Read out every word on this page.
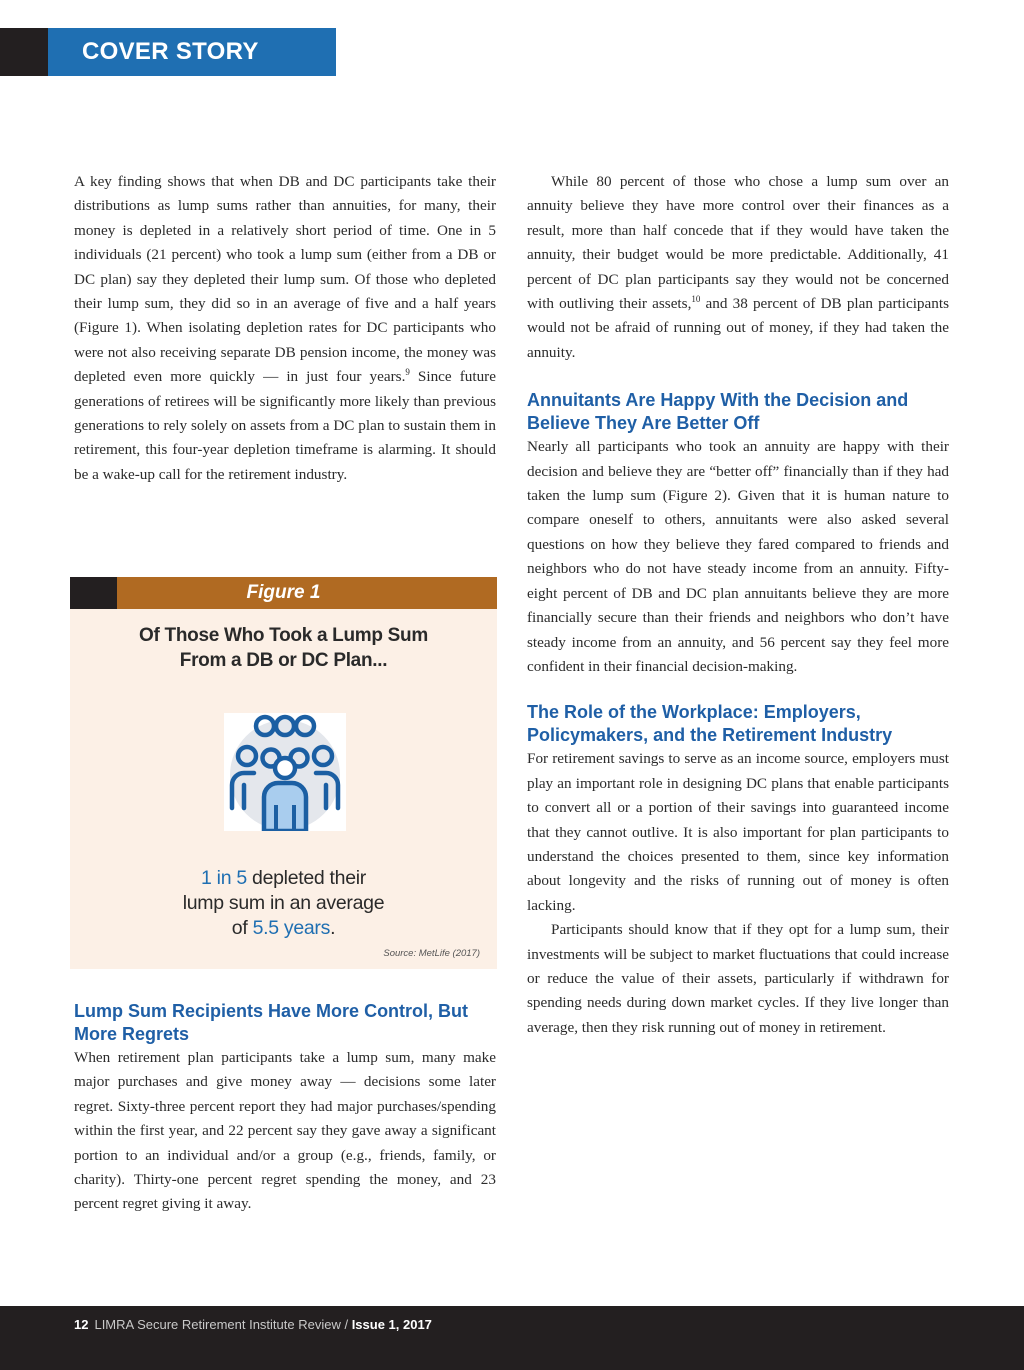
COVER STORY

A key finding shows that when DB and DC participants take their distributions as lump sums rather than annuities, for many, their money is depleted in a relatively short period of time. One in 5 individuals (21 percent) who took a lump sum (either from a DB or DC plan) say they depleted their lump sum. Of those who depleted their lump sum, they did so in an average of five and a half years (Figure 1). When isolating depletion rates for DC participants who were not also receiving separate DB pension income, the money was depleted even more quickly — in just four years.$^9$ Since future generations of retirees will be significantly more likely than previous generations to rely solely on assets from a DC plan to sustain them in retirement, this four-year depletion timeframe is alarming. It should be a wake-up call for the retirement industry.

Figure 1
Of Those Who Took a Lump Sum
From a DB or DC Plan...
1 in 5 depleted their
lump sum in an average
of 5.5 years.
Source: MetLife (2017)
Lump Sum Recipients Have More Control, But More Regrets

When retirement plan participants take a lump sum, many make major purchases and give money away — decisions some later regret. Sixty-three percent report they had major purchases/spending within the first year, and 22 percent say they gave away a significant portion to an individual and/or a group (e.g., friends, family, or charity). Thirty-one percent regret spending the money, and 23 percent regret giving it away.

While 80 percent of those who chose a lump sum over an annuity believe they have more control over their finances as a result, more than half concede that if they would have taken the annuity, their budget would be more predictable. Additionally, 41 percent of DC plan participants say they would not be concerned with outliving their assets,$^{10}$ and 38 percent of DB plan participants would not be afraid of running out of money, if they had taken the annuity.

Annuitants Are Happy With the Decision and Believe They Are Better Off

Nearly all participants who took an annuity are happy with their decision and believe they are “better off” financially than if they had taken the lump sum (Figure 2). Given that it is human nature to compare oneself to others, annuitants were also asked several questions on how they believe they fared compared to friends and neighbors who do not have steady income from an annuity. Fifty-eight percent of DB and DC plan annuitants believe they are more financially secure than their friends and neighbors who don’t have steady income from an annuity, and 56 percent say they feel more confident in their financial decision-making.

The Role of the Workplace: Employers, Policymakers, and the Retirement Industry

For retirement savings to serve as an income source, employers must play an important role in designing DC plans that enable participants to convert all or a portion of their savings into guaranteed income that they cannot outlive. It is also important for plan participants to understand the choices presented to them, since key information about longevity and the risks of running out of money is often lacking.

Participants should know that if they opt for a lump sum, their investments will be subject to market fluctuations that could increase or reduce the value of their assets, particularly if withdrawn for spending needs during down market cycles. If they live longer than average, then they risk running out of money in retirement.

12 LIMRA Secure Retirement Institute Review / Issue 1, 2017
